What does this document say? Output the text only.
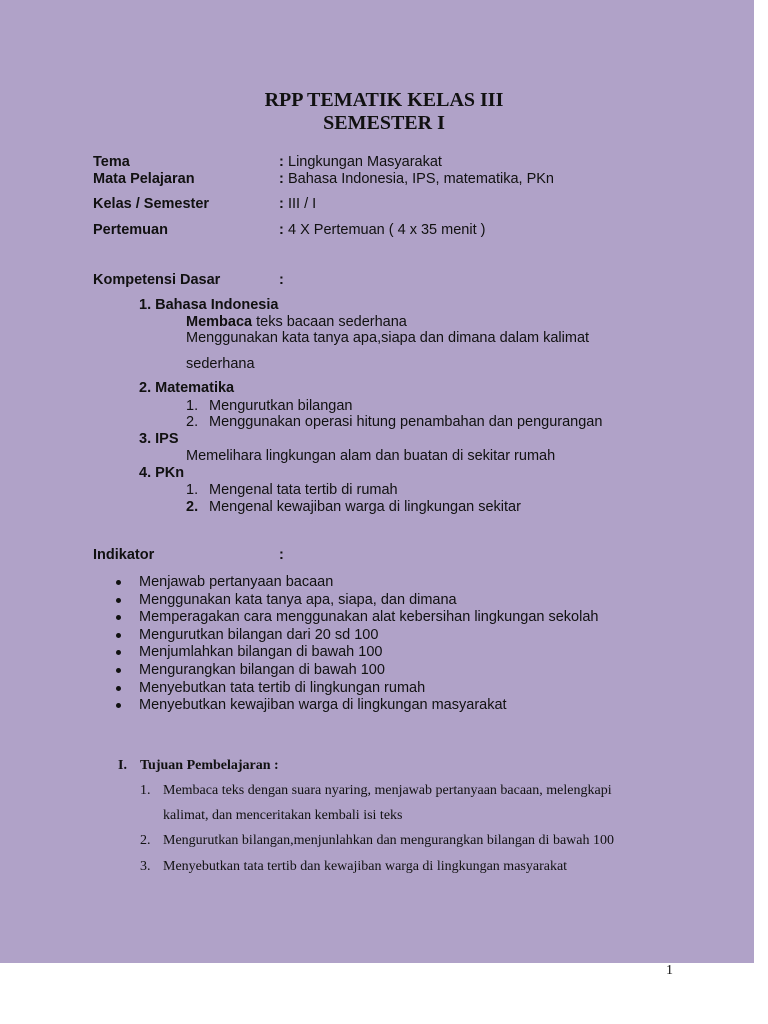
RPP TEMATIK KELAS III
SEMESTER I
Tema	: Lingkungan Masyarakat
Mata Pelajaran	: Bahasa Indonesia, IPS, matematika, PKn
Kelas / Semester	: III / I
Pertemuan	: 4 X Pertemuan ( 4 x 35 menit )
Kompetensi Dasar	:
1. Bahasa Indonesia
Membaca teks bacaan sederhana
Menggunakan kata tanya apa,siapa dan dimana dalam kalimat
sederhana
2. Matematika
1. Mengurutkan bilangan
2. Menggunakan operasi hitung penambahan dan pengurangan
3. IPS
Memelihara lingkungan alam dan buatan di sekitar rumah
4. PKn
1. Mengenal tata tertib di rumah
2. Mengenal kewajiban warga di lingkungan sekitar
Indikator	:
Menjawab pertanyaan bacaan
Menggunakan kata tanya apa, siapa, dan dimana
Memperagakan cara menggunakan alat kebersihan lingkungan sekolah
Mengurutkan bilangan dari 20 sd 100
Menjumlahkan bilangan di bawah 100
Mengurangkan bilangan di bawah 100
Menyebutkan tata tertib di lingkungan rumah
Menyebutkan kewajiban warga di lingkungan masyarakat
I. Tujuan Pembelajaran :
1. Membaca teks dengan suara nyaring, menjawab pertanyaan bacaan, melengkapi
kalimat, dan menceritakan kembali isi teks
2. Mengurutkan bilangan,menjunlahkan dan mengurangkan bilangan di bawah 100
3. Menyebutkan tata tertib dan kewajiban warga di lingkungan masyarakat
1
